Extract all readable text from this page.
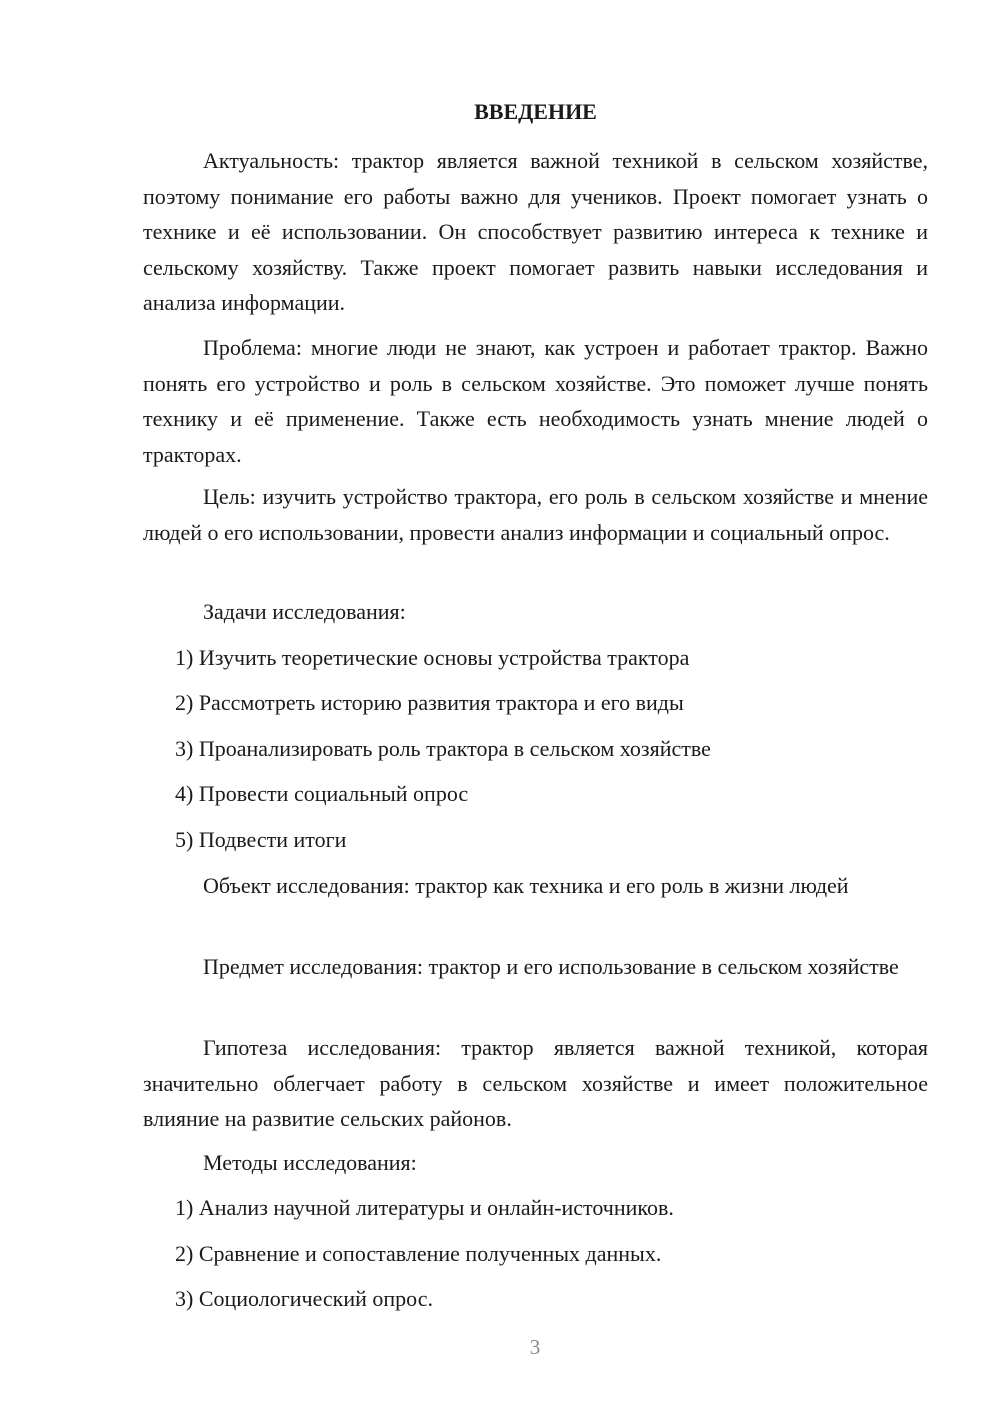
ВВЕДЕНИЕ

Актуальность: трактор является важной техникой в сельском хозяйстве, поэтому понимание его работы важно для учеников. Проект помогает узнать о технике и её использовании. Он способствует развитию интереса к технике и сельскому хозяйству. Также проект помогает развить навыки исследования и анализа информации.

Проблема: многие люди не знают, как устроен и работает трактор. Важно понять его устройство и роль в сельском хозяйстве. Это поможет лучше понять технику и её применение. Также есть необходимость узнать мнение людей о тракторах.

Цель: изучить устройство трактора, его роль в сельском хозяйстве и мнение людей о его использовании, провести анализ информации и социальный опрос.

Задачи исследования:
1) Изучить теоретические основы устройства трактора
2) Рассмотреть историю развития трактора и его виды
3) Проанализировать роль трактора в сельском хозяйстве
4) Провести социальный опрос
5) Подвести итоги

Объект исследования: трактор как техника и его роль в жизни людей

Предмет исследования: трактор и его использование в сельском хозяйстве

Гипотеза исследования: трактор является важной техникой, которая значительно облегчает работу в сельском хозяйстве и имеет положительное влияние на развитие сельских районов.

Методы исследования:
1) Анализ научной литературы и онлайн-источников.
2) Сравнение и сопоставление полученных данных.
3) Социологический опрос.
3
